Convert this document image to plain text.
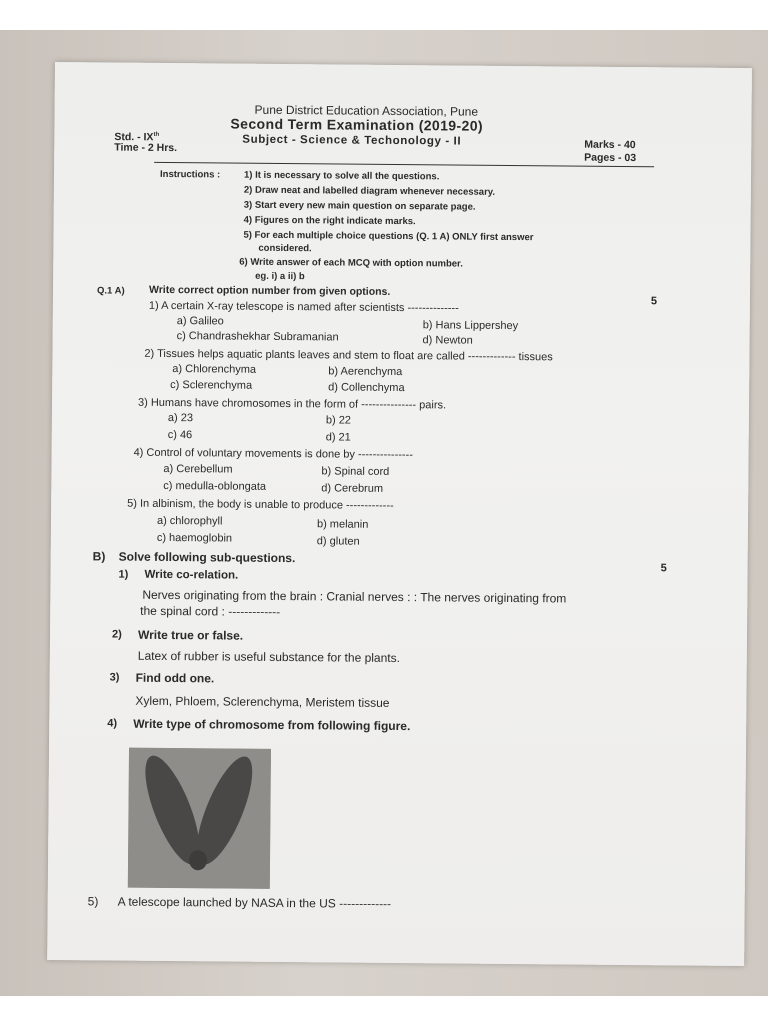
Pune District Education Association, Pune
Second Term Examination (2019-20)
Std. - IXth	Subject - Science & Techonology - II
Time - 2 Hrs.	Marks - 40
Pages - 03
Instructions : 1) It is necessary to solve all the questions.
2) Draw neat and labelled diagram whenever necessary.
3) Start every new main question on separate page.
4) Figures on the right indicate marks.
5) For each multiple choice questions (Q. 1 A) ONLY first answer
considered.
6) Write answer of each MCQ with option number.
eg. i) a ii) b
Q.1 A) Write correct option number from given options.
5
1) A certain X-ray telescope is named after scientists --------------
a) Galileo	b) Hans Lippershey
c) Chandrashekhar Subramanian	d) Newton
2) Tissues helps aquatic plants leaves and stem to float are called ------------- tissues
a) Chlorenchyma	b) Aerenchyma
c) Sclerenchyma	d) Collenchyma
3) Humans have chromosomes in the form of --------------- pairs.
a) 23	b) 22
c) 46	d) 21
4) Control of voluntary movements is done by ---------------
a) Cerebellum	b) Spinal cord
c) medulla-oblongata	d) Cerebrum
5) In albinism, the body is unable to produce -------------
a) chlorophyll	b) melanin
c) haemoglobin	d) gluten
B) Solve following sub-questions.
5
1) Write co-relation.
Nerves originating from the brain : Cranial nerves : : The nerves originating from
the spinal cord : -------------
2) Write true or false.
Latex of rubber is useful substance for the plants.
3) Find odd one.
Xylem, Phloem, Sclerenchyma, Meristem tissue
4) Write type of chromosome from following figure.
5) A telescope launched by NASA in the US -------------
